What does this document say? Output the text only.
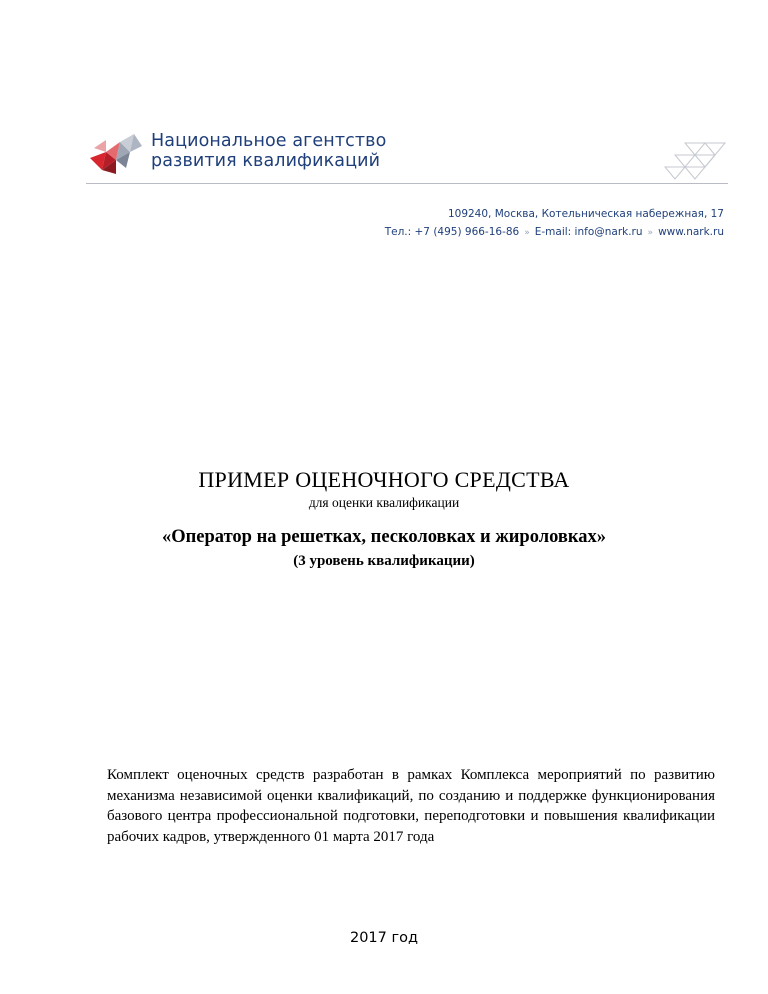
Национальное агентство
развития квалификаций
109240, Москва, Котельническая набережная, 17
Тел.: +7 (495) 966-16-86 » E-mail: info@nark.ru » www.nark.ru
ПРИМЕР ОЦЕНОЧНОГО СРЕДСТВА
для оценки квалификации
«Оператор на решетках, песколовках и жироловках»
(3 уровень квалификации)
Комплект оценочных средств разработан в рамках Комплекса мероприятий по развитию механизма независимой оценки квалификаций, по созданию и поддержке функционирования базового центра профессиональной подготовки, переподготовки и повышения квалификации рабочих кадров, утвержденного 01 марта 2017 года
2017 год
